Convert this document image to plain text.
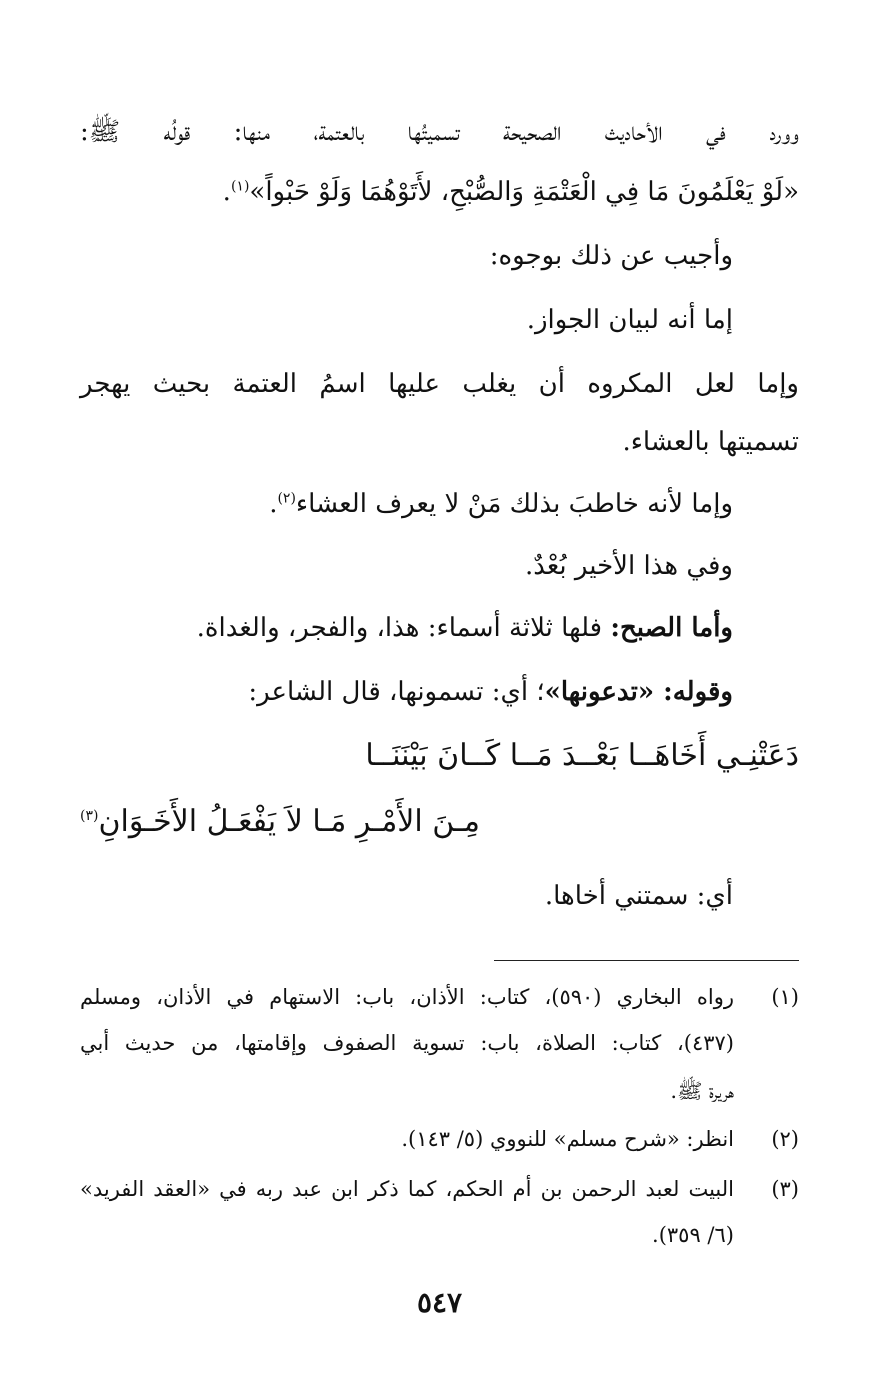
وورد في الأحاديث الصحيحة تسميتُها بالعتمة، منها: قولُه ﷺ:
«لَوْ يَعْلَمُونَ مَا فِي الْعَتْمَةِ وَالصُّبْحِ، لأَتَوْهُمَا وَلَوْ حَبْواً»$^{(١)}$.
وأجيب عن ذلك بوجوه:
إما أنه لبيان الجواز.
وإما لعل المكروه أن يغلب عليها اسمُ العتمة بحيث يهجر
تسميتها بالعشاء.
وإما لأنه خاطبَ بذلك مَنْ لا يعرف العشاء$^{(٢)}$.
وفي هذا الأخير بُعْدٌ.
وأما الصبح: فلها ثلاثة أسماء: هذا، والفجر، والغداة.
وقوله: «تدعونها»؛ أي: تسمونها، قال الشاعر:
دَعَتْنِـي أَخَاهَــا بَعْــدَ مَــا كَــانَ بَيْنَنَــا
مِـنَ الأَمْـرِ مَـا لاَ يَفْعَـلُ الأَخَـوَانِ$^{(٣)}$
أي: سمتني أخاها.
(١)
رواه البخاري (٥٩٠)، كتاب: الأذان، باب: الاستهام في الأذان، ومسلم
(٤٣٧)، كتاب: الصلاة، باب: تسوية الصفوف وإقامتها، من حديث أبي
هريرة ﷺ.
(٢)
انظر: «شرح مسلم» للنووي (٥/ ١٤٣).
(٣)
البيت لعبد الرحمن بن أم الحكم، كما ذكر ابن عبد ربه في «العقد الفريد»
(٦/ ٣٥٩).
٥٤٧
